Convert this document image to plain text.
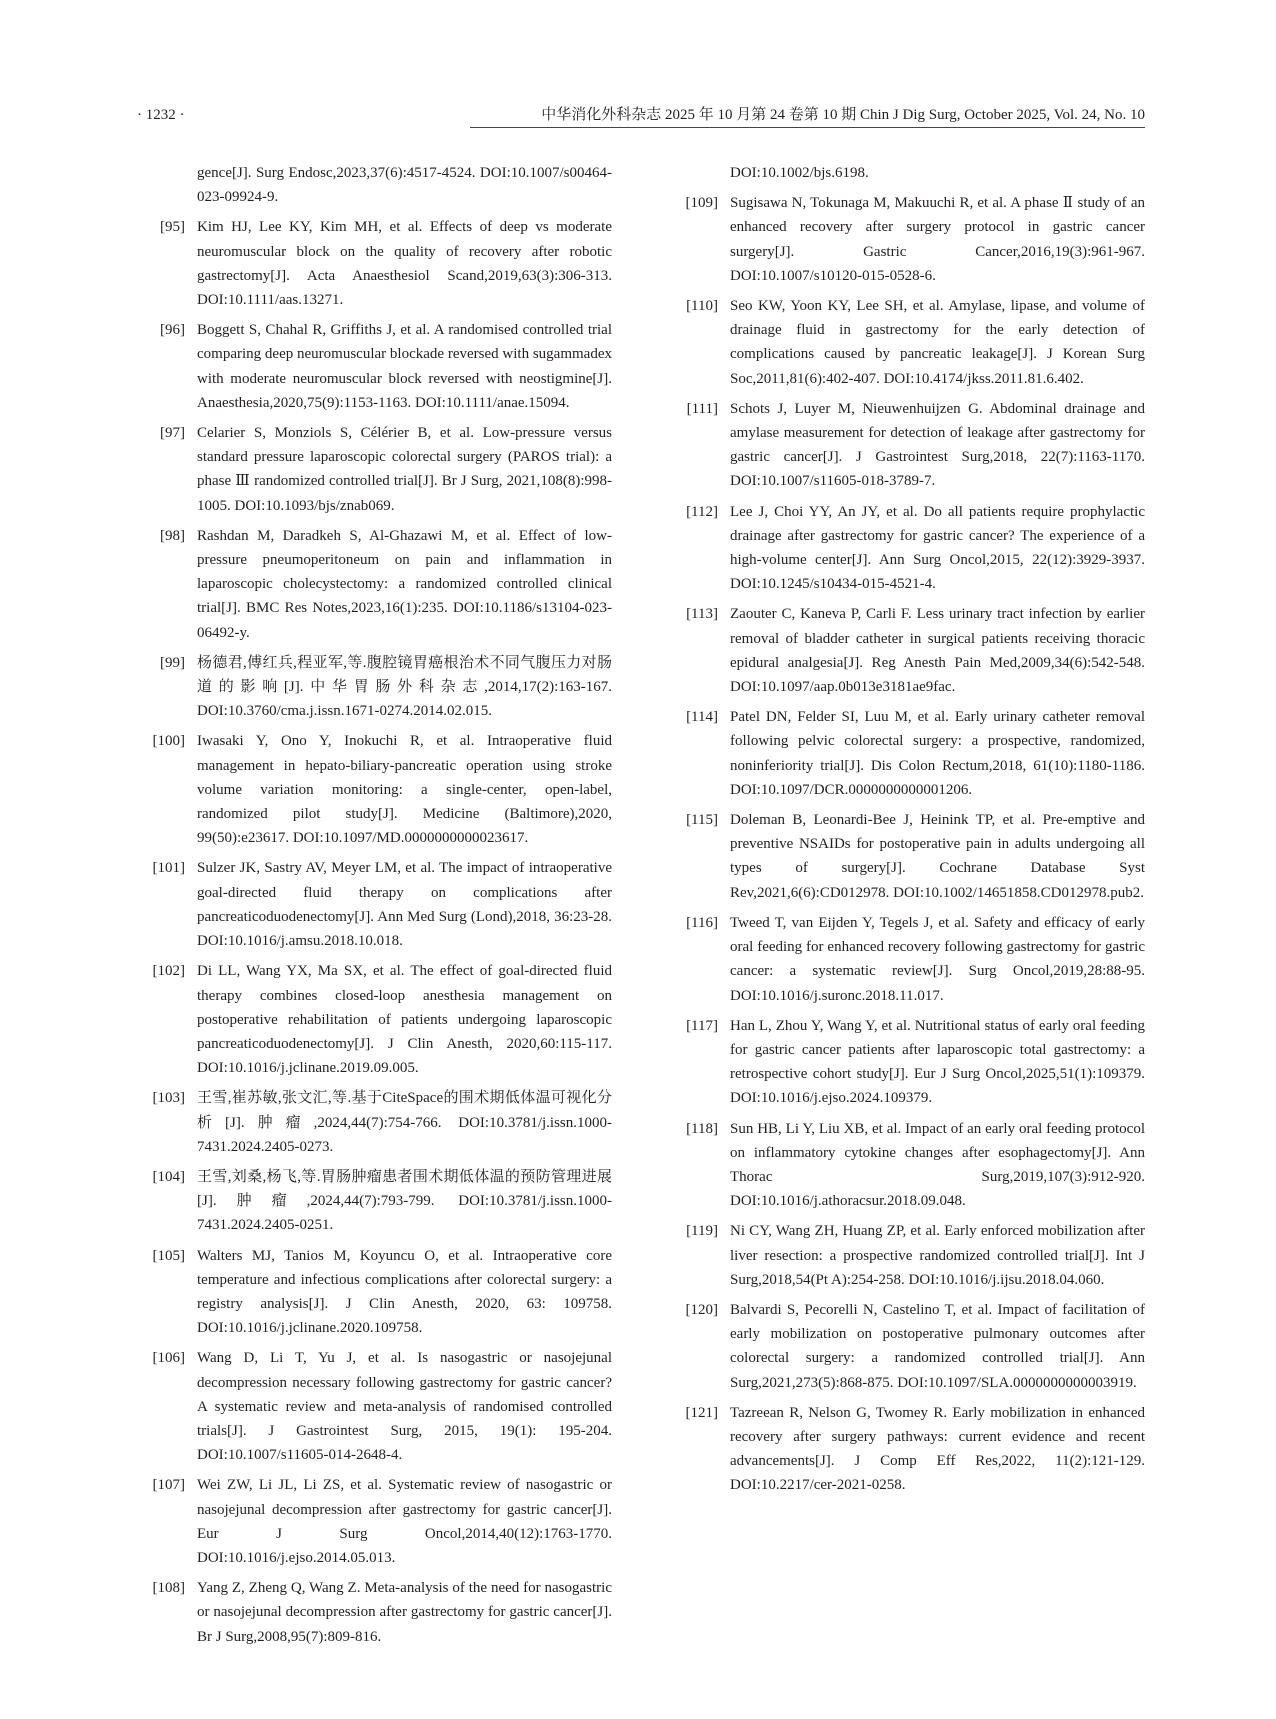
· 1232 ·	中华消化外科杂志 2025 年 10 月第 24 卷第 10 期 Chin J Dig Surg, October 2025, Vol. 24, No. 10
gence[J]. Surg Endosc,2023,37(6):4517-4524. DOI:10.1007/s00464-023-09924-9.
[95] Kim HJ, Lee KY, Kim MH, et al. Effects of deep vs moderate neuromuscular block on the quality of recovery after robotic gastrectomy[J]. Acta Anaesthesiol Scand,2019,63(3):306-313. DOI:10.1111/aas.13271.
[96] Boggett S, Chahal R, Griffiths J, et al. A randomised controlled trial comparing deep neuromuscular blockade reversed with sugammadex with moderate neuromuscular block reversed with neostigmine[J]. Anaesthesia,2020,75(9):1153-1163. DOI:10.1111/anae.15094.
[97] Celarier S, Monziols S, Célérier B, et al. Low-pressure versus standard pressure laparoscopic colorectal surgery (PAROS trial): a phase Ⅲ randomized controlled trial[J]. Br J Surg, 2021,108(8):998-1005. DOI:10.1093/bjs/znab069.
[98] Rashdan M, Daradkeh S, Al-Ghazawi M, et al. Effect of low-pressure pneumoperitoneum on pain and inflammation in laparoscopic cholecystectomy: a randomized controlled clinical trial[J]. BMC Res Notes,2023,16(1):235. DOI:10.1186/s13104-023-06492-y.
[99] 杨德君,傅红兵,程亚军,等.腹腔镜胃癌根治术不同气腹压力对肠道的影响[J].中华胃肠外科杂志,2014,17(2):163-167. DOI:10.3760/cma.j.issn.1671-0274.2014.02.015.
[100] Iwasaki Y, Ono Y, Inokuchi R, et al. Intraoperative fluid management in hepato-biliary-pancreatic operation using stroke volume variation monitoring: a single-center, open-label, randomized pilot study[J]. Medicine (Baltimore),2020, 99(50):e23617. DOI:10.1097/MD.0000000000023617.
[101] Sulzer JK, Sastry AV, Meyer LM, et al. The impact of intraoperative goal-directed fluid therapy on complications after pancreaticoduodenectomy[J]. Ann Med Surg (Lond),2018, 36:23-28. DOI:10.1016/j.amsu.2018.10.018.
[102] Di LL, Wang YX, Ma SX, et al. The effect of goal-directed fluid therapy combines closed-loop anesthesia management on postoperative rehabilitation of patients undergoing laparoscopic pancreaticoduodenectomy[J]. J Clin Anesth, 2020,60:115-117. DOI:10.1016/j.jclinane.2019.09.005.
[103] 王雪,崔苏敏,张文汇,等.基于CiteSpace的围术期低体温可视化分析[J].肿瘤,2024,44(7):754-766. DOI:10.3781/j.issn.1000-7431.2024.2405-0273.
[104] 王雪,刘桑,杨飞,等.胃肠肿瘤患者围术期低体温的预防管理进展[J].肿瘤,2024,44(7):793-799. DOI:10.3781/j.issn.1000-7431.2024.2405-0251.
[105] Walters MJ, Tanios M, Koyuncu O, et al. Intraoperative core temperature and infectious complications after colorectal surgery: a registry analysis[J]. J Clin Anesth, 2020, 63: 109758. DOI:10.1016/j.jclinane.2020.109758.
[106] Wang D, Li T, Yu J, et al. Is nasogastric or nasojejunal decompression necessary following gastrectomy for gastric cancer? A systematic review and meta-analysis of randomised controlled trials[J]. J Gastrointest Surg, 2015, 19(1): 195-204. DOI:10.1007/s11605-014-2648-4.
[107] Wei ZW, Li JL, Li ZS, et al. Systematic review of nasogastric or nasojejunal decompression after gastrectomy for gastric cancer[J]. Eur J Surg Oncol,2014,40(12):1763-1770. DOI:10.1016/j.ejso.2014.05.013.
[108] Yang Z, Zheng Q, Wang Z. Meta-analysis of the need for nasogastric or nasojejunal decompression after gastrectomy for gastric cancer[J]. Br J Surg,2008,95(7):809-816.
DOI:10.1002/bjs.6198.
[109] Sugisawa N, Tokunaga M, Makuuchi R, et al. A phase Ⅱ study of an enhanced recovery after surgery protocol in gastric cancer surgery[J]. Gastric Cancer,2016,19(3):961-967. DOI:10.1007/s10120-015-0528-6.
[110] Seo KW, Yoon KY, Lee SH, et al. Amylase, lipase, and volume of drainage fluid in gastrectomy for the early detection of complications caused by pancreatic leakage[J]. J Korean Surg Soc,2011,81(6):402-407. DOI:10.4174/jkss.2011.81.6.402.
[111] Schots J, Luyer M, Nieuwenhuijzen G. Abdominal drainage and amylase measurement for detection of leakage after gastrectomy for gastric cancer[J]. J Gastrointest Surg,2018, 22(7):1163-1170. DOI:10.1007/s11605-018-3789-7.
[112] Lee J, Choi YY, An JY, et al. Do all patients require prophylactic drainage after gastrectomy for gastric cancer? The experience of a high-volume center[J]. Ann Surg Oncol,2015, 22(12):3929-3937. DOI:10.1245/s10434-015-4521-4.
[113] Zaouter C, Kaneva P, Carli F. Less urinary tract infection by earlier removal of bladder catheter in surgical patients receiving thoracic epidural analgesia[J]. Reg Anesth Pain Med,2009,34(6):542-548. DOI:10.1097/aap.0b013e3181ae9fac.
[114] Patel DN, Felder SI, Luu M, et al. Early urinary catheter removal following pelvic colorectal surgery: a prospective, randomized, noninferiority trial[J]. Dis Colon Rectum,2018, 61(10):1180-1186. DOI:10.1097/DCR.0000000000001206.
[115] Doleman B, Leonardi-Bee J, Heinink TP, et al. Pre-emptive and preventive NSAIDs for postoperative pain in adults undergoing all types of surgery[J]. Cochrane Database Syst Rev,2021,6(6):CD012978. DOI:10.1002/14651858.CD012978.pub2.
[116] Tweed T, van Eijden Y, Tegels J, et al. Safety and efficacy of early oral feeding for enhanced recovery following gastrectomy for gastric cancer: a systematic review[J]. Surg Oncol,2019,28:88-95. DOI:10.1016/j.suronc.2018.11.017.
[117] Han L, Zhou Y, Wang Y, et al. Nutritional status of early oral feeding for gastric cancer patients after laparoscopic total gastrectomy: a retrospective cohort study[J]. Eur J Surg Oncol,2025,51(1):109379. DOI:10.1016/j.ejso.2024.109379.
[118] Sun HB, Li Y, Liu XB, et al. Impact of an early oral feeding protocol on inflammatory cytokine changes after esophagectomy[J]. Ann Thorac Surg,2019,107(3):912-920. DOI:10.1016/j.athoracsur.2018.09.048.
[119] Ni CY, Wang ZH, Huang ZP, et al. Early enforced mobilization after liver resection: a prospective randomized controlled trial[J]. Int J Surg,2018,54(Pt A):254-258. DOI:10.1016/j.ijsu.2018.04.060.
[120] Balvardi S, Pecorelli N, Castelino T, et al. Impact of facilitation of early mobilization on postoperative pulmonary outcomes after colorectal surgery: a randomized controlled trial[J]. Ann Surg,2021,273(5):868-875. DOI:10.1097/SLA.0000000000003919.
[121] Tazreean R, Nelson G, Twomey R. Early mobilization in enhanced recovery after surgery pathways: current evidence and recent advancements[J]. J Comp Eff Res,2022, 11(2):121-129. DOI:10.2217/cer-2021-0258.
